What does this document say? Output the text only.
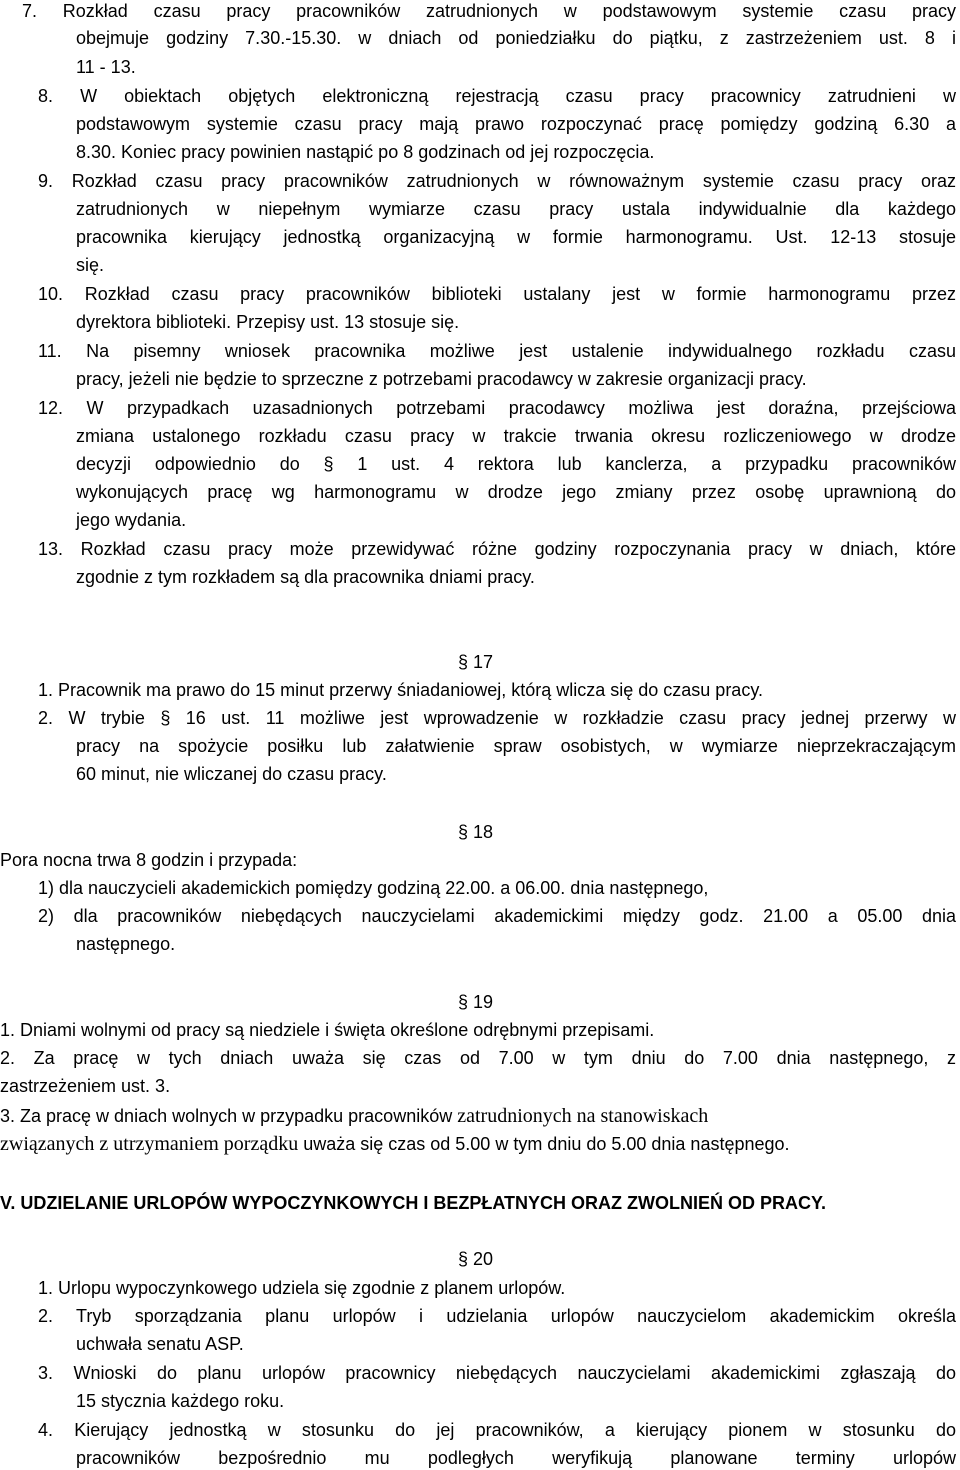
7. Rozkład czasu pracy pracowników zatrudnionych w podstawowym systemie czasu pracy
obejmuje godziny 7.30.-15.30. w dniach od poniedziałku do piątku, z zastrzeżeniem ust. 8 i
11 - 13.
8. W obiektach objętych elektroniczną rejestracją czasu pracy pracownicy zatrudnieni w
podstawowym systemie czasu pracy mają prawo rozpoczynać pracę pomiędzy godziną 6.30 a
8.30. Koniec pracy powinien nastąpić po 8 godzinach od jej rozpoczęcia.
9. Rozkład czasu pracy pracowników zatrudnionych w równoważnym systemie czasu pracy oraz
zatrudnionych w niepełnym wymiarze czasu pracy ustala indywidualnie dla każdego
pracownika kierujący jednostką organizacyjną w formie harmonogramu. Ust. 12-13 stosuje
się.
10. Rozkład czasu pracy pracowników biblioteki ustalany jest w formie harmonogramu przez
dyrektora biblioteki. Przepisy ust. 13 stosuje się.
11. Na pisemny wniosek pracownika możliwe jest ustalenie indywidualnego rozkładu czasu
pracy, jeżeli nie będzie to sprzeczne z potrzebami pracodawcy w zakresie organizacji pracy.
12. W przypadkach uzasadnionych potrzebami pracodawcy możliwa jest doraźna, przejściowa
zmiana ustalonego rozkładu czasu pracy w trakcie trwania okresu rozliczeniowego w drodze
decyzji odpowiednio do § 1 ust. 4 rektora lub kanclerza, a przypadku pracowników
wykonujących pracę wg harmonogramu w drodze jego zmiany przez osobę uprawnioną do
jego wydania.
13. Rozkład czasu pracy może przewidywać różne godziny rozpoczynania pracy w dniach, które
zgodnie z tym rozkładem są dla pracownika dniami pracy.
§ 17
1. Pracownik ma prawo do 15 minut przerwy śniadaniowej, którą wlicza się do czasu pracy.
2. W trybie § 16 ust. 11 możliwe jest wprowadzenie w rozkładzie czasu pracy jednej przerwy w
pracy na spożycie posiłku lub załatwienie spraw osobistych, w wymiarze nieprzekraczającym
60 minut, nie wliczanej do czasu pracy.
§ 18
Pora nocna trwa 8 godzin i przypada:
1) dla nauczycieli akademickich pomiędzy godziną 22.00. a 06.00. dnia następnego,
2) dla pracowników niebędących nauczycielami akademickimi między godz. 21.00 a 05.00 dnia
następnego.
§ 19
1. Dniami wolnymi od pracy są niedziele i święta określone odrębnymi przepisami.
2. Za pracę w tych dniach uważa się czas od 7.00 w tym dniu do 7.00 dnia następnego, z
zastrzeżeniem ust. 3.
3. Za pracę w dniach wolnych w przypadku pracowników zatrudnionych na stanowiskach
związanych z utrzymaniem porządku uważa się czas od 5.00 w tym dniu do 5.00 dnia następnego.
V. UDZIELANIE URLOPÓW WYPOCZYNKOWYCH I BEZPŁATNYCH ORAZ ZWOLNIEŃ OD PRACY.
§ 20
1. Urlopu wypoczynkowego udziela się zgodnie z planem urlopów.
2. Tryb sporządzania planu urlopów i udzielania urlopów nauczycielom akademickim określa
uchwała senatu ASP.
3. Wnioski do planu urlopów pracownicy niebędących nauczycielami akademickimi zgłaszają do
15 stycznia każdego roku.
4. Kierujący jednostką w stosunku do jej pracowników, a kierujący pionem w stosunku do
pracowników bezpośrednio mu podległych weryfikują planowane terminy urlopów
